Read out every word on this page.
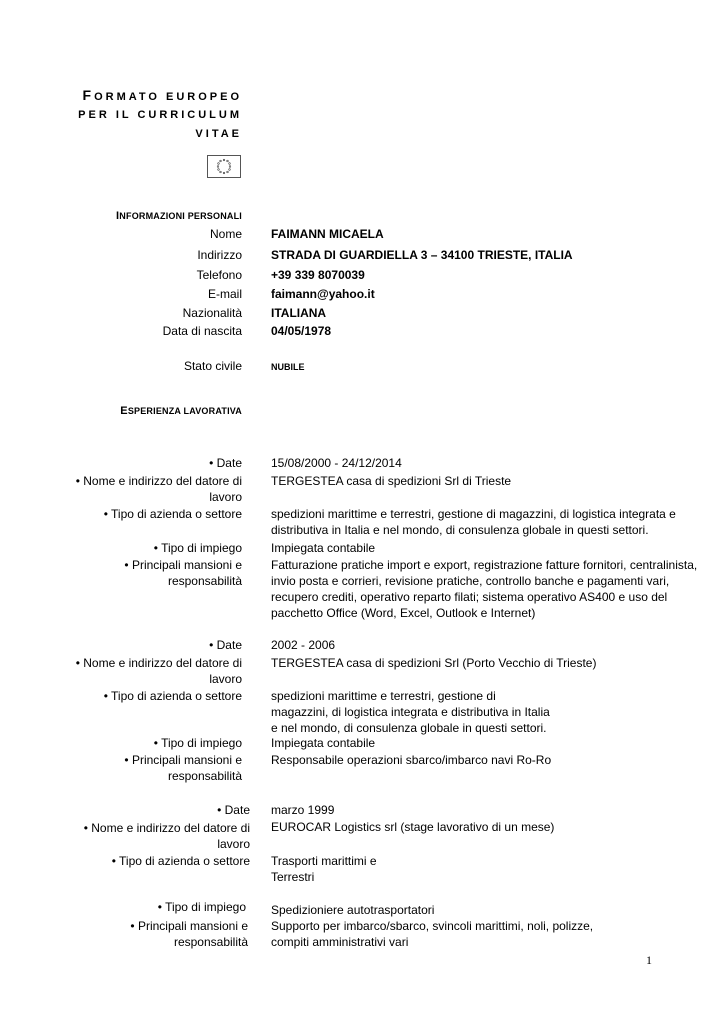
FORMATO EUROPEO
PER IL CURRICULUM
VITAE
INFORMAZIONI PERSONALI
Nome FAIMANN MICAELA
Indirizzo STRADA DI GUARDIELLA 3 – 34100 TRIESTE, ITALIA
Telefono +39 339 8070039
E-mail faimann@yahoo.it
Nazionalità ITALIANA
Data di nascita 04/05/1978
Stato civile	NUBILE
ESPERIENZA LAVORATIVA
• Date 15/08/2000 - 24/12/2014
• Nome e indirizzo del datore di lavoro
TERGESTEA casa di spedizioni Srl di Trieste
• Tipo di azienda o settore spedizioni marittime e terrestri, gestione di magazzini, di logistica integrata e distributiva in Italia e nel mondo, di consulenza globale in questi settori.
• Tipo di impiego Impiegata contabile
• Principali mansioni e responsabilità
Fatturazione pratiche import e export, registrazione fatture fornitori, centralinista, invio posta e corrieri, revisione pratiche, controllo banche e pagamenti vari, recupero crediti, operativo reparto filati; sistema operativo AS400 e uso del pacchetto Office (Word, Excel, Outlook e Internet)
• Date 2002 - 2006
• Nome e indirizzo del datore di lavoro
TERGESTEA casa di spedizioni Srl (Porto Vecchio di Trieste)
• Tipo di azienda o settore spedizioni marittime e terrestri, gestione di magazzini, di logistica integrata e distributiva in Italia e nel mondo, di consulenza globale in questi settori.
• Tipo di impiego Impiegata contabile
• Principali mansioni e responsabilità
Responsabile operazioni sbarco/imbarco navi Ro-Ro
• Date marzo 1999
• Nome e indirizzo del datore di lavoro
EUROCAR Logistics srl (stage lavorativo di un mese)
• Tipo di azienda o settore Trasporti marittimi e Terrestri
• Tipo di impiego Spedizioniere autotrasportatori
• Principali mansioni e responsabilità
Supporto per imbarco/sbarco, svincoli marittimi, noli, polizze, compiti amministrativi vari
1
